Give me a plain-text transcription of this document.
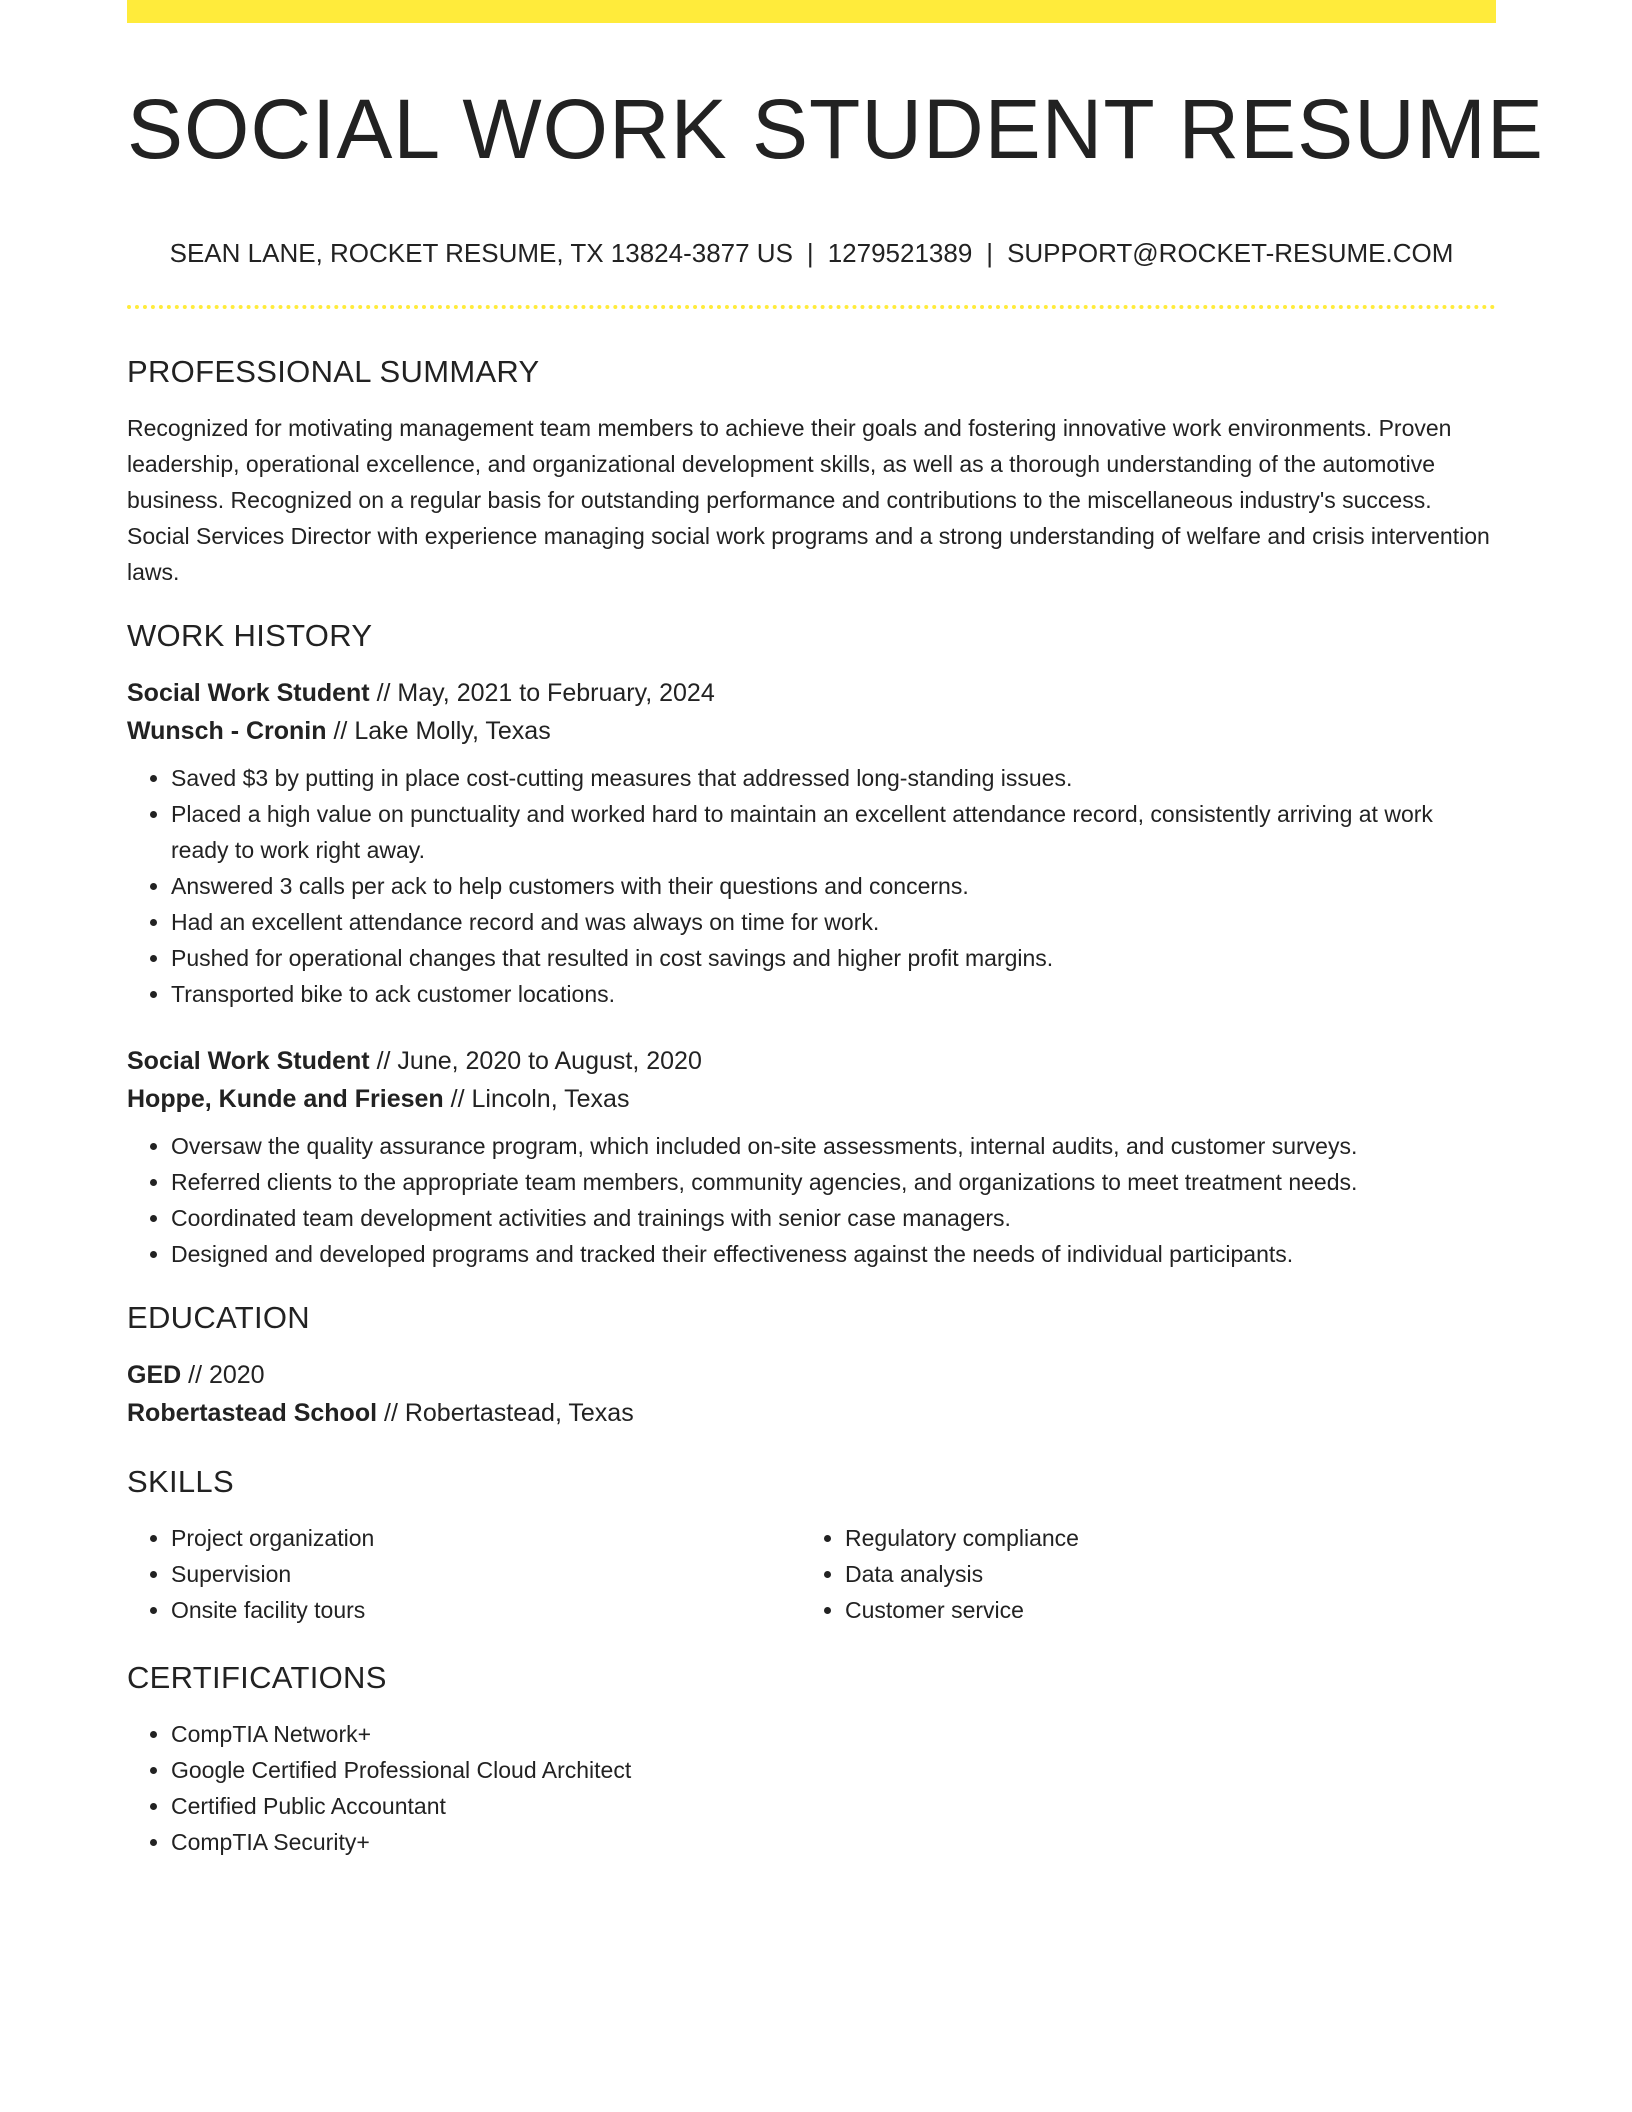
SOCIAL WORK STUDENT RESUME
SEAN LANE, ROCKET RESUME, TX 13824-3877 US | 1279521389 | SUPPORT@ROCKET-RESUME.COM
PROFESSIONAL SUMMARY

Recognized for motivating management team members to achieve their goals and fostering innovative work environments. Proven leadership, operational excellence, and organizational development skills, as well as a thorough understanding of the automotive business. Recognized on a regular basis for outstanding performance and contributions to the miscellaneous industry's success. Social Services Director with experience managing social work programs and a strong understanding of welfare and crisis intervention laws.

WORK HISTORY

Social Work Student // May, 2021 to February, 2024

Wunsch - Cronin // Lake Molly, Texas

• Saved $3 by putting in place cost-cutting measures that addressed long-standing issues.
• Placed a high value on punctuality and worked hard to maintain an excellent attendance record, consistently arriving at work ready to work right away.
• Answered 3 calls per ack to help customers with their questions and concerns.
• Had an excellent attendance record and was always on time for work.
• Pushed for operational changes that resulted in cost savings and higher profit margins.
• Transported bike to ack customer locations.

Social Work Student // June, 2020 to August, 2020

Hoppe, Kunde and Friesen // Lincoln, Texas

• Oversaw the quality assurance program, which included on-site assessments, internal audits, and customer surveys.
• Referred clients to the appropriate team members, community agencies, and organizations to meet treatment needs.
• Coordinated team development activities and trainings with senior case managers.
• Designed and developed programs and tracked their effectiveness against the needs of individual participants.
EDUCATION

GED // 2020

Robertastead School // Robertastead, Texas

SKILLS
• Project organization
• Supervision
• Onsite facility tours
• Regulatory compliance
• Data analysis
• Customer service
CERTIFICATIONS
• CompTIA Network+
• Google Certified Professional Cloud Architect
• Certified Public Accountant
• CompTIA Security+
